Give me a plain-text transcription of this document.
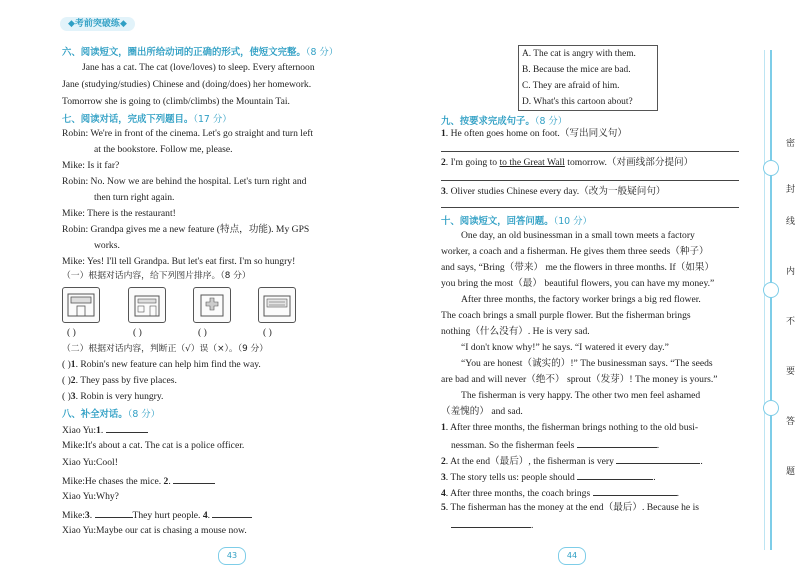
◆考前突破练◆
六、阅读短文，圈出所给动词的正确的形式，使短文完整。（8 分）
Jane has a cat. The cat (love/loves) to sleep. Every afternoon
Jane (studying/studies) Chinese and (doing/does) her homework.
Tomorrow she is going to (climb/climbs) the Mountain Tai.
七、阅读对话，完成下列题目。（17 分）
Robin: We're in front of the cinema. Let's go straight and turn left
at the bookstore. Follow me, please.
Mike: Is it far?
Robin: No. Now we are behind the hospital. Let's turn right and
then turn right again.
Mike: There is the restaurant!
Robin: Grandpa gives me a new feature (特点，功能). My GPS
works.
Mike: Yes! I'll tell Grandpa. But let's eat first. I'm so hungry!
（一）根据对话内容，给下列图片排序。（8 分）
( )	( )	( )	( )
（二）根据对话内容，判断正（√）误（×）。（9 分）
( )1. Robin's new feature can help him find the way.
( )2. They pass by five places.
( )3. Robin is very hungry.
八、补全对话。（8 分）
Xiao Yu:1.
Mike:It's about a cat. The cat is a police officer.
Xiao Yu:Cool!
Mike:He chases the mice. 2.
Xiao Yu:Why?
Mike:3.	They hurt people. 4.
Xiao Yu:Maybe our cat is chasing a mouse now.
43
A. The cat is angry with them.
B. Because the mice are bad.
C. They are afraid of him.
D. What's this cartoon about?
九、按要求完成句子。（8 分）
1. He often goes home on foot.（写出同义句）
2. I'm going to to the Great Wall tomorrow.（对画线部分提问）
3. Oliver studies Chinese every day.（改为一般疑问句）
十、阅读短文，回答问题。（10 分）
One day, an old businessman in a small town meets a factory
worker, a coach and a fisherman. He gives them three seeds（种子）
and says, “Bring（带来） me the flowers in three months. If（如果）
you bring the most（最） beautiful flowers, you can have my money.”
After three months, the factory worker brings a big red flower.
The coach brings a small purple flower. But the fisherman brings
nothing（什么没有）. He is very sad.
“I don't know why!” he says. “I watered it every day.”
“You are honest（诚实的）!” The businessman says. “The seeds
are bad and will never（绝不） sprout（发芽）! The money is yours.”
The fisherman is very happy. The other two men feel ashamed
（羞愧的） and sad.
1. After three months, the fisherman brings nothing to the old busi-
nessman. So the fisherman feels	.
2. At the end（最后）, the fisherman is very	.
3. The story tells us: people should	.
4. After three months, the coach brings	.
5. The fisherman has the money at the end（最后）. Because he is
.
44
密
封
线
内
不
要
答
题
